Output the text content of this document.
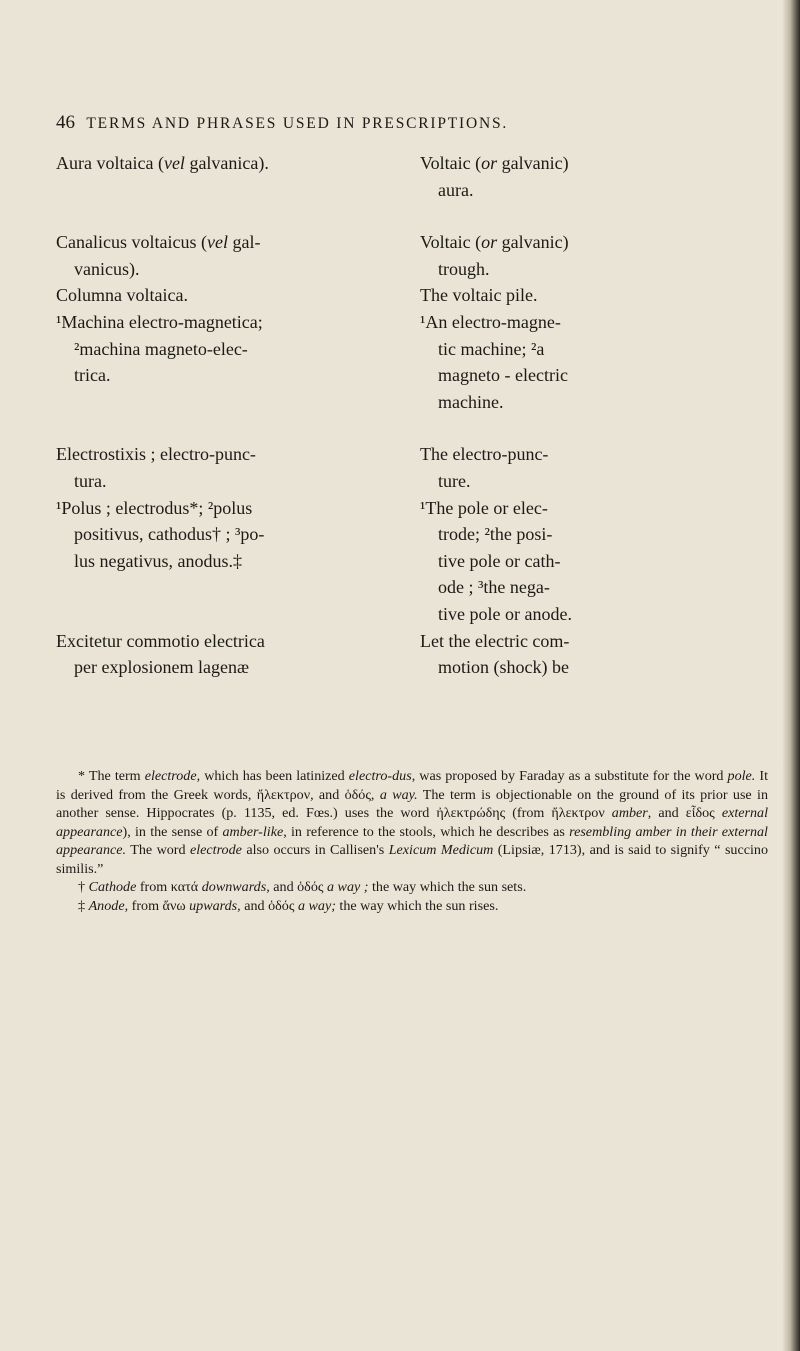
46 TERMS AND PHRASES USED IN PRESCRIPTIONS.
Aura voltaica (vel galvanica).	Voltaic (or galvanic)
aura.
Canalicus voltaicus (vel gal-
vanicus).
Voltaic (or galvanic)
trough.
Columna voltaica.	The voltaic pile.
¹Machina electro-magnetica;
²machina magneto-elec-
trica.
¹An electro-magne-
tic machine; ²a
magneto - electric
machine.
Electrostixis ; electro-punc-
tura.
The electro-punc-
ture.
¹Polus ; electrodus*; ²polus
positivus, cathodus† ; ³po-
lus negativus, anodus.‡
¹The pole or elec-
trode; ²the posi-
tive pole or cath-
ode ; ³the nega-
tive pole or anode.
Excitetur commotio electrica
per explosionem lagenæ
Let the electric com-
motion (shock) be
* The term electrode, which has been latinized electro-dus, was proposed by Faraday as a substitute for the word pole. It is derived from the Greek words, ἤλεκτρον, and ὁδός, a way. The term is objectionable on the ground of its prior use in another sense. Hippocrates (p. 1135, ed. Fœs.) uses the word ἠλεκτρώδης (from ἤλεκτρον amber, and εἶδος external appearance), in the sense of amber-like, in reference to the stools, which he describes as resembling amber in their external appearance. The word electrode also occurs in Callisen's Lexicum Medicum (Lipsiæ, 1713), and is said to signify “ succino similis.”
† Cathode from κατά downwards, and ὁδός a way ; the way which the sun sets.
‡ Anode, from ἄνω upwards, and ὁδός a way; the way which the sun rises.
